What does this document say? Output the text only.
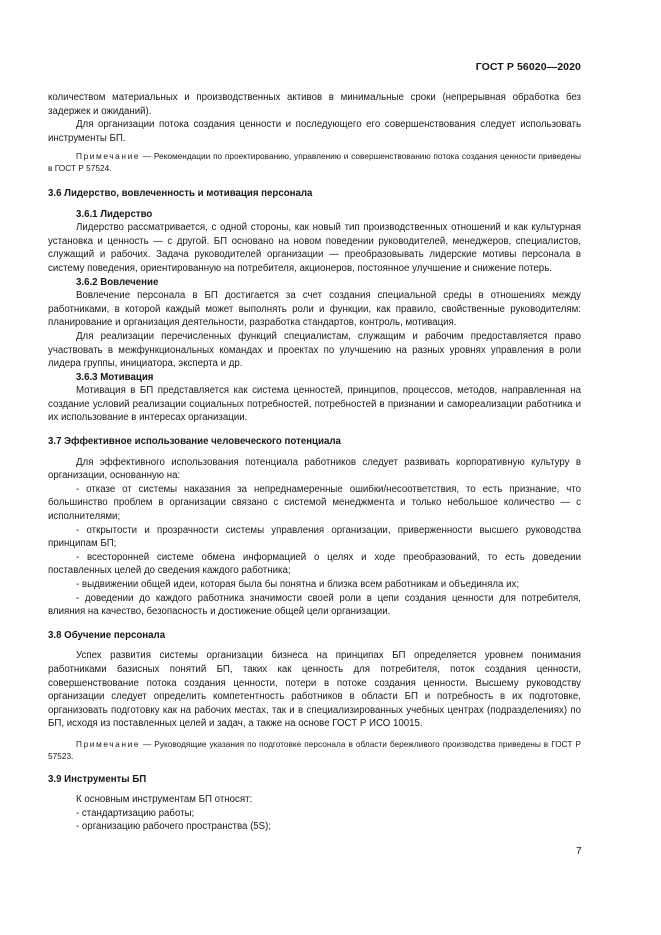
ГОСТ Р 56020—2020

количеством материальных и производственных активов в минимальные сроки (непрерывная обработка без задержек и ожиданий).

Для организации потока создания ценности и последующего его совершенствования следует использовать инструменты БП.

Примечание — Рекомендации по проектированию, управлению и совершенствованию потока создания ценности приведены в ГОСТ Р 57524.

3.6 Лидерство, вовлеченность и мотивация персонала

3.6.1 Лидерство

Лидерство рассматривается, с одной стороны, как новый тип производственных отношений и как культурная установка и ценность — с другой. БП основано на новом поведении руководителей, менеджеров, специалистов, служащий и рабочих. Задача руководителей организации — преобразовывать лидерские мотивы персонала в систему поведения, ориентированную на потребителя, акционеров, постоянное улучшение и снижение потерь.

3.6.2 Вовлечение

Вовлечение персонала в БП достигается за счет создания специальной среды в отношениях между работниками, в которой каждый может выполнять роли и функции, как правило, свойственные руководителям: планирование и организация деятельности, разработка стандартов, контроль, мотивация.

Для реализации перечисленных функций специалистам, служащим и рабочим предоставляется право участвовать в межфункциональных командах и проектах по улучшению на разных уровнях управления в роли лидера группы, инициатора, эксперта и др.

3.6.3 Мотивация

Мотивация в БП представляется как система ценностей, принципов, процессов, методов, направленная на создание условий реализации социальных потребностей, потребностей в признании и самореализации работника и их использование в интересах организации.

3.7 Эффективное использование человеческого потенциала

Для эффективного использования потенциала работников следует развивать корпоративную культуру в организации, основанную на:

- отказе от системы наказания за непреднамеренные ошибки/несоответствия, то есть признание, что большинство проблем в организации связано с системой менеджмента и только небольшое количество — с исполнителями;

- открытости и прозрачности системы управления организации, приверженности высшего руководства принципам БП;

- всесторонней системе обмена информацией о целях и ходе преобразований, то есть доведении поставленных целей до сведения каждого работника;

- выдвижении общей идеи, которая была бы понятна и близка всем работникам и объединяла их;

- доведении до каждого работника значимости своей роли в цепи создания ценности для потребителя, влияния на качество, безопасность и достижение общей цели организации.

3.8 Обучение персонала

Успех развития системы организации бизнеса на принципах БП определяется уровнем понимания работниками базисных понятий БП, таких как ценность для потребителя, поток создания ценности, совершенствование потока создания ценности, потери в потоке создания ценности. Высшему руководству организации следует определить компетентность работников в области БП и потребность в их подготовке, организовать подготовку как на рабочих местах, так и в специализированных учебных центрах (подразделениях) по БП, исходя из поставленных целей и задач, а также на основе ГОСТ Р ИСО 10015.

Примечание — Руководящие указания по подготовке персонала в области бережливого производства приведены в ГОСТ Р 57523.

3.9 Инструменты БП

К основным инструментам БП относят:

- стандартизацию работы;

- организацию рабочего пространства (5S);

7
